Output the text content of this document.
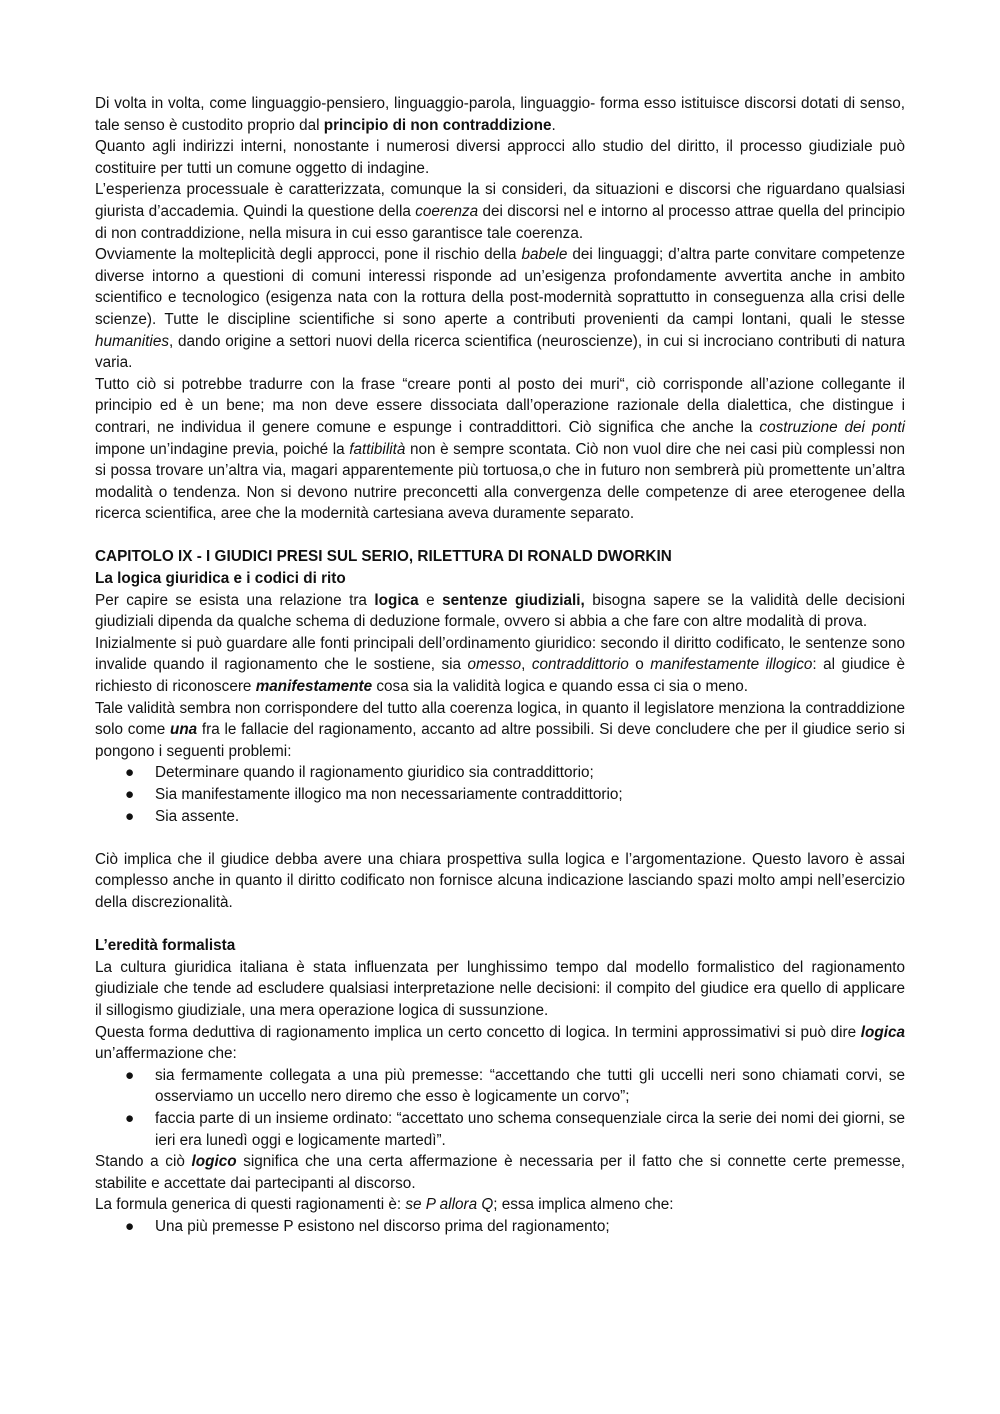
Di volta in volta, come linguaggio-pensiero, linguaggio-parola, linguaggio- forma esso istituisce discorsi dotati di senso, tale senso è custodito proprio dal principio di non contraddizione.

Quanto agli indirizzi interni, nonostante i numerosi diversi approcci allo studio del diritto, il processo giudiziale può costituire per tutti un comune oggetto di indagine.

L’esperienza processuale è caratterizzata, comunque la si consideri, da situazioni e discorsi che riguardano qualsiasi giurista d’accademia. Quindi la questione della coerenza dei discorsi nel e intorno al processo attrae quella del principio di non contraddizione, nella misura in cui esso garantisce tale coerenza.

Ovviamente la molteplicità degli approcci, pone il rischio della babele dei linguaggi; d’altra parte convitare competenze diverse intorno a questioni di comuni interessi risponde ad un’esigenza profondamente avvertita anche in ambito scientifico e tecnologico (esigenza nata con la rottura della post-modernità soprattutto in conseguenza alla crisi delle scienze). Tutte le discipline scientifiche si sono aperte a contributi provenienti da campi lontani, quali le stesse humanities, dando origine a settori nuovi della ricerca scientifica (neuroscienze), in cui si incrociano contributi di natura varia.

Tutto ciò si potrebbe tradurre con la frase “creare ponti al posto dei muri“, ciò corrisponde all’azione collegante il principio ed è un bene; ma non deve essere dissociata dall’operazione razionale della dialettica, che distingue i contrari, ne individua il genere comune e espunge i contraddittori. Ciò significa che anche la costruzione dei ponti impone un’indagine previa, poiché la fattibilità non è sempre scontata. Ciò non vuol dire che nei casi più complessi non si possa trovare un’altra via, magari apparentemente più tortuosa,o che in futuro non sembrerà più promettente un’altra modalità o tendenza. Non si devono nutrire preconcetti alla convergenza delle competenze di aree eterogenee della ricerca scientifica, aree che la modernità cartesiana aveva duramente separato.

CAPITOLO IX - I GIUDICI PRESI SUL SERIO, RILETTURA DI RONALD DWORKIN
La logica giuridica e i codici di rito

Per capire se esista una relazione tra logica e sentenze giudiziali, bisogna sapere se la validità delle decisioni giudiziali dipenda da qualche schema di deduzione formale, ovvero si abbia a che fare con altre modalità di prova.

Inizialmente si può guardare alle fonti principali dell’ordinamento giuridico: secondo il diritto codificato, le sentenze sono invalide quando il ragionamento che le sostiene, sia omesso, contraddittorio o manifestamente illogico: al giudice è richiesto di riconoscere manifestamente cosa sia la validità logica e quando essa ci sia o meno.

Tale validità sembra non corrispondere del tutto alla coerenza logica, in quanto il legislatore menziona la contraddizione solo come una fra le fallacie del ragionamento, accanto ad altre possibili. Si deve concludere che per il giudice serio si pongono i seguenti problemi:

● Determinare quando il ragionamento giuridico sia contraddittorio;
● Sia manifestamente illogico ma non necessariamente contraddittorio;
● Sia assente.

Ciò implica che il giudice debba avere una chiara prospettiva sulla logica e l’argomentazione. Questo lavoro è assai complesso anche in quanto il diritto codificato non fornisce alcuna indicazione lasciando spazi molto ampi nell’esercizio della discrezionalità.

L’eredità formalista

La cultura giuridica italiana è stata influenzata per lunghissimo tempo dal modello formalistico del ragionamento giudiziale che tende ad escludere qualsiasi interpretazione nelle decisioni: il compito del giudice era quello di applicare il sillogismo giudiziale, una mera operazione logica di sussunzione.

Questa forma deduttiva di ragionamento implica un certo concetto di logica. In termini approssimativi si può dire logica un’affermazione che:

● sia fermamente collegata a una più premesse: “accettando che tutti gli uccelli neri sono chiamati corvi, se osserviamo un uccello nero diremo che esso è logicamente un corvo”;
● faccia parte di un insieme ordinato: “accettato uno schema consequenziale circa la serie dei nomi dei giorni, se ieri era lunedì oggi e logicamente martedì”.

Stando a ciò logico significa che una certa affermazione è necessaria per il fatto che si connette certe premesse, stabilite e accettate dai partecipanti al discorso.

La formula generica di questi ragionamenti è: se P allora Q; essa implica almeno che:

● Una più premesse P esistono nel discorso prima del ragionamento;
